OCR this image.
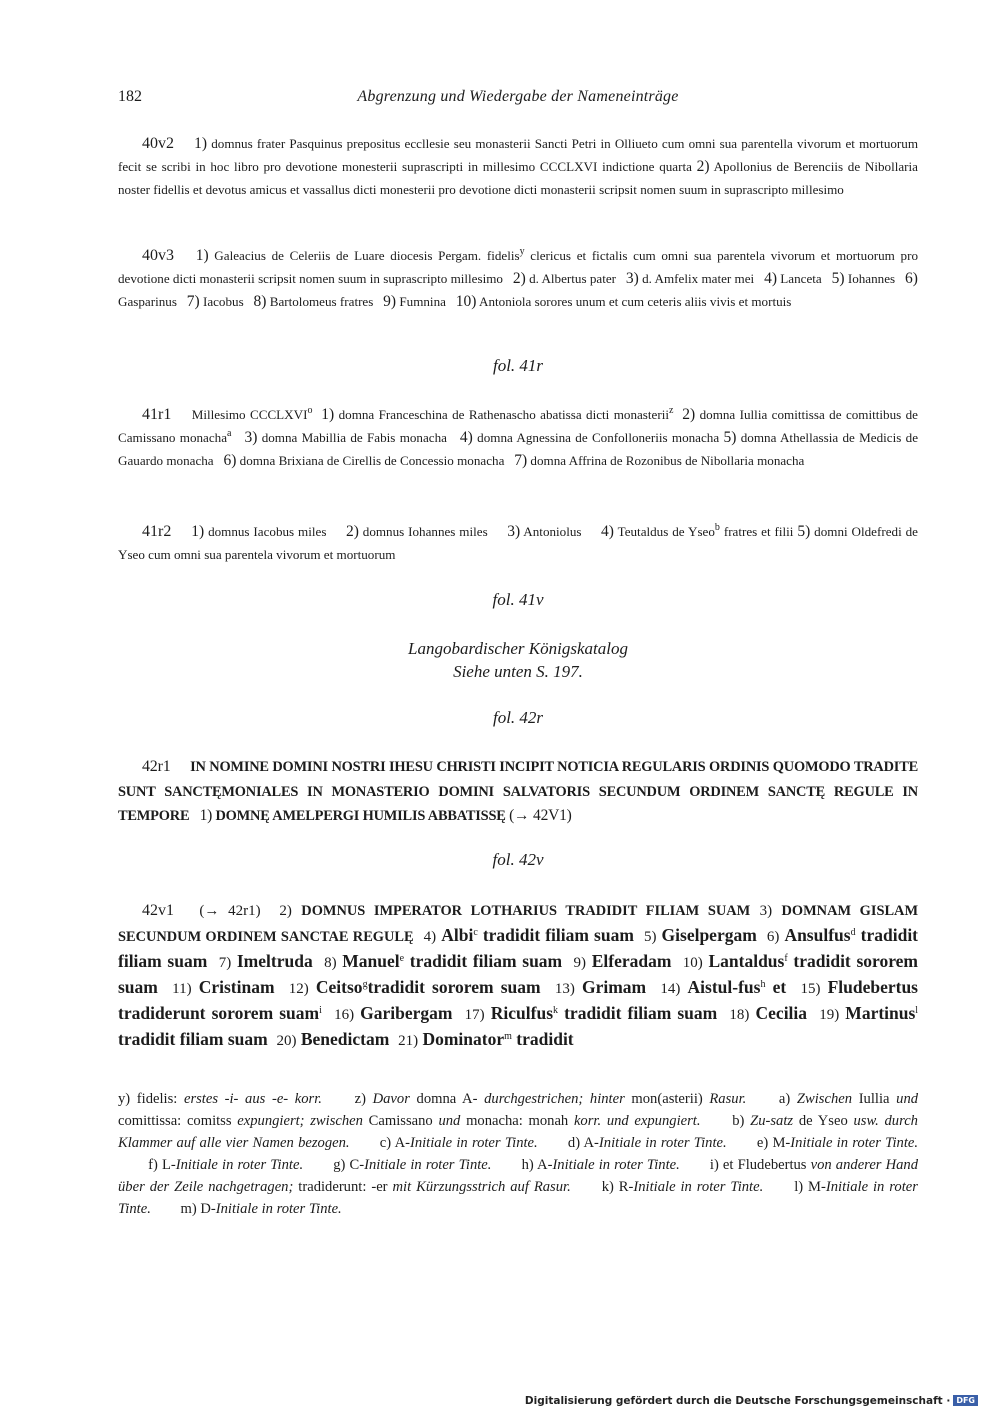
182	Abgrenzung und Wiedergabe der Nameneinträge
40v2 1) domnus frater Pasquinus prepositus eccllesie seu monasterii Sancti Petri in Olliueto cum omni sua parentella vivorum et mortuorum fecit se scribi in hoc libro pro devotione monesterii suprascripti in millesimo CCCLXVI indictione quarta 2) Apollonius de Berenciis de Nibollaria noster fidellis et devotus amicus et vassallus dicti monesterii pro devotione dicti monasterii scripsit nomen suum in suprascripto millesimo
40v3 1) Galeacius de Celeriis de Luare diocesis Pergam. fidelis$^y$ clericus et fictalis cum omni sua parentela vivorum et mortuorum pro devotione dicti monasterii scripsit nomen suum in suprascripto millesimo 2) d. Albertus pater 3) d. Amfelix mater mei 4) Lanceta 5) Iohannes 6) Gasparinus 7) Iacobus 8) Bartolomeus fratres 9) Fumnina 10) Antoniola sorores unum et cum ceteris aliis vivis et mortuis
fol. 41r
41r1 Millesimo CCCLXVI$^o$ 1) domna Franceschina de Rathenascho abatissa dicti monasterii$^z$ 2) domna Iullia comittissa de comittibus de Camissano monacha$^a$ 3) domna Mabillia de Fabis monacha 4) domna Agnessina de Confolloneriis monacha 5) domna Athellassia de Medicis de Gauardo monacha 6) domna Brixiana de Cirellis de Concessio monacha 7) domna Affrina de Rozonibus de Nibollaria monacha
41r2 1) domnus Iacobus miles 2) domnus Iohannes miles 3) Antoniolus 4) Teutaldus de Yseo$^b$ fratres et filii 5) domni Oldefredi de Yseo cum omni sua parentela vivorum et mortuorum
fol. 41v
Langobardischer Königskatalog
Siehe unten S. 197.
fol. 42r
42r1 IN NOMINE DOMINI NOSTRI IHESU CHRISTI INCIPIT NOTICIA REGULARIS ORDINIS QUOMODO TRADITE SUNT SANCTĘMONIALES IN MONASTERIO DOMINI SALVATORIS SECUNDUM ORDINEM SANCTĘ REGULE IN TEMPORE 1) DOMNĘ AMELPERGI HUMILIS ABBATISSĘ (→ 42V1)
fol. 42v
42v1 (→ 42r1) 2) DOMNUS IMPERATOR LOTHARIUS TRADIDIT FILIAM SUAM 3) DOMNAM GISLAM SECUNDUM ORDINEM SANCTAE REGULĘ 4) Albi$^c$ tradidit filiam suam 5) Giselpergam 6) Ansulfus$^d$ tradidit filiam suam 7) Imeltruda 8) Manuel$^e$ tradidit filiam suam 9) Elferadam 10) Lantaldus$^f$ tradidit sororem suam 11) Cristinam 12) Ceitso$^g$tradidit sororem suam 13) Grimam 14) Aistul-fus$^h$ et 15) Fludebertus tradiderunt sororem suam$^i$ 16) Garibergam 17) Riculfus$^k$ tradidit filiam suam 18) Cecilia 19) Martinus$^l$ tradidit filiam suam 20) Benedictam 21) Dominator$^m$ tradidit
y) fidelis: erstes -i- aus -e- korr. z) Davor domna A- durchgestrichen; hinter mon(asterii) Rasur. a) Zwischen Iullia und comittissa: comitss expungiert; zwischen Camissano und monacha: monah korr. und expungiert. b) Zu-satz de Yseo usw. durch Klammer auf alle vier Namen bezogen. c) A-Initiale in roter Tinte. d) A-Initiale in roter Tinte. e) M-Initiale in roter Tinte. f) L-Initiale in roter Tinte. g) C-Initiale in roter Tinte. h) A-Initiale in roter Tinte. i) et Fludebertus von anderer Hand über der Zeile nachgetragen; tradiderunt: -er mit Kürzungsstrich auf Rasur. k) R-Initiale in roter Tinte. l) M-Initiale in roter Tinte. m) D-Initiale in roter Tinte.
Digitalisierung gefördert durch die Deutsche Forschungsgemeinschaft · DFG
